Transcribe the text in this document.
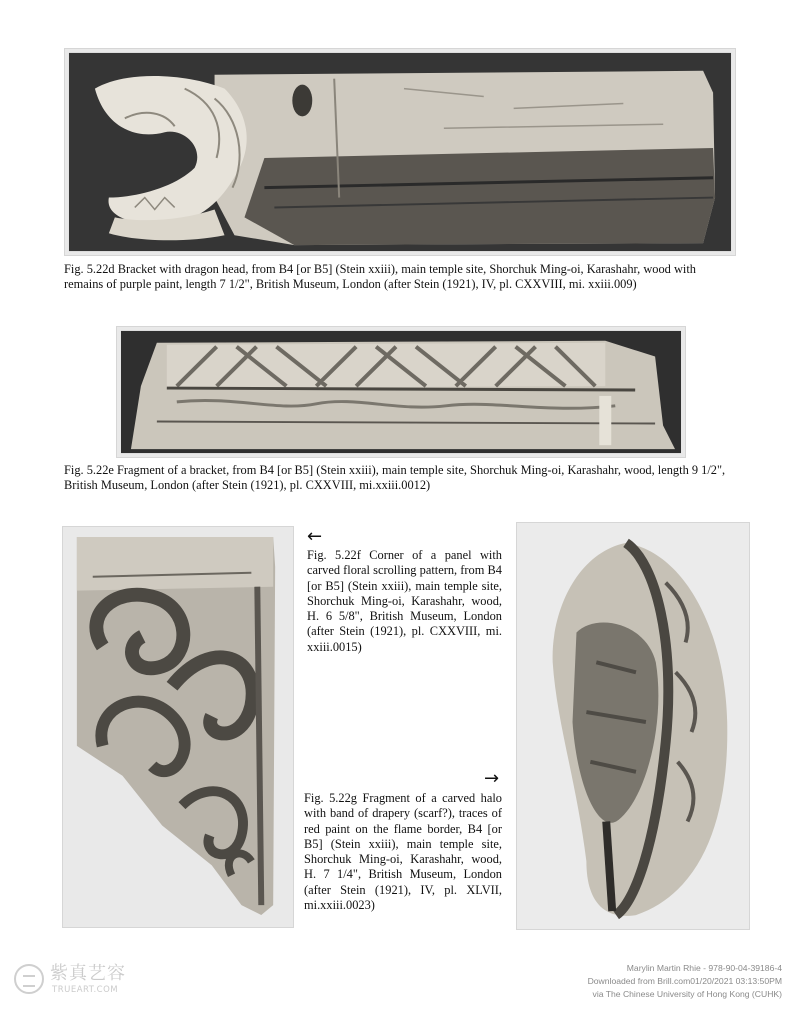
Fig. 5.22d Bracket with dragon head, from B4 [or B5] (Stein xxiii), main temple site, Shorchuk Ming-oi, Karashahr, wood with remains of purple paint, length 7 1/2", British Museum, London (after Stein (1921), IV, pl. CXXVIII, mi. xxiii.009)
Fig. 5.22e Fragment of a bracket, from B4 [or B5] (Stein xxiii), main temple site, Shorchuk Ming-oi, Karashahr, wood, length 9 1/2", British Museum, London (after Stein (1921), pl. CXXVIII, mi.xxiii.0012)
←
Fig. 5.22f Corner of a panel with carved floral scrolling pattern, from B4 [or B5] (Stein xxiii), main temple site, Shorchuk Ming-oi, Karashahr, wood, H. 6 5/8", British Museum, London (after Stein (1921), pl. CXXVIII, mi. xxiii.0015)
→
Fig. 5.22g Fragment of a carved halo with band of drapery (scarf?), traces of red paint on the flame border, B4 [or B5] (Stein xxiii), main temple site, Shorchuk Ming-oi, Karashahr, wood, H. 7 1/4", British Museum, London (after Stein (1921), IV, pl. XLVII, mi.xxiii.0023)
紫真艺容
TRUEART.COM
Marylin Martin Rhie - 978-90-04-39186-4
Downloaded from Brill.com01/20/2021 03:13:50PM
via The Chinese University of Hong Kong (CUHK)
